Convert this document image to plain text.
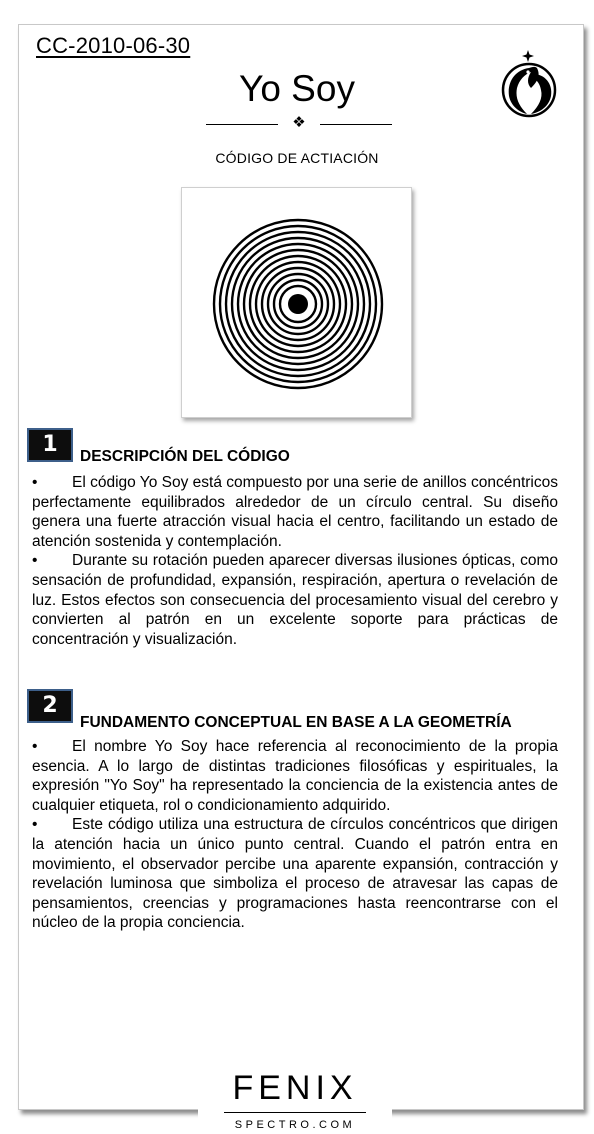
CC-2010-06-30
Yo Soy
❖
CÓDIGO DE ACTIACIÓN
1	DESCRIPCIÓN DEL CÓDIGO

• El código Yo Soy está compuesto por una serie de anillos concéntricos perfectamente equilibrados alrededor de un círculo central. Su diseño genera una fuerte atracción visual hacia el centro, facilitando un estado de atención sostenida y contemplación.

• Durante su rotación pueden aparecer diversas ilusiones ópticas, como sensación de profundidad, expansión, respiración, apertura o revelación de luz. Estos efectos son consecuencia del procesamiento visual del cerebro y convierten al patrón en un excelente soporte para prácticas de concentración y visualización.

2
FUNDAMENTO CONCEPTUAL EN BASE A LA GEOMETRÍA

• El nombre Yo Soy hace referencia al reconocimiento de la propia esencia. A lo largo de distintas tradiciones filosóficas y espirituales, la expresión "Yo Soy" ha representado la conciencia de la existencia antes de cualquier etiqueta, rol o condicionamiento adquirido.

• Este código utiliza una estructura de círculos concéntricos que dirigen la atención hacia un único punto central. Cuando el patrón entra en movimiento, el observador percibe una aparente expansión, contracción y revelación luminosa que simboliza el proceso de atravesar las capas de pensamientos, creencias y programaciones hasta reencontrarse con el núcleo de la propia conciencia.

FENIX
SPECTRO.COM
